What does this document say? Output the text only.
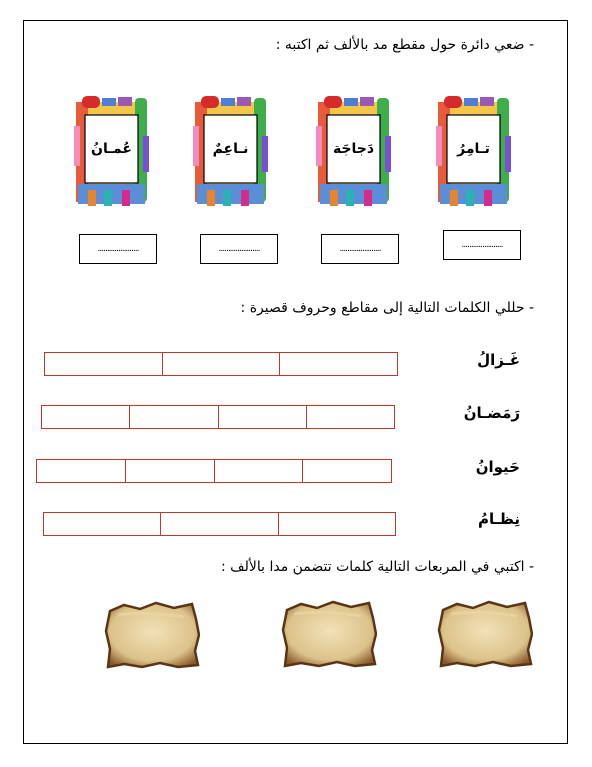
- ضعي دائرة حول مقطع مد بالألف ثم اكتبه :
تـامِرُ
دَجاجَة
نـاعِمٌ
عُمـانُ
......................
......................
......................
......................
- حللي الكلمات التالية إلى مقاطع وحروف قصيرة :
غَـزالُ
رَمَضـانُ
حَيوانُ
نِظـامُ
- اكتبي في المربعات التالية كلمات تتضمن مدا بالألف :
